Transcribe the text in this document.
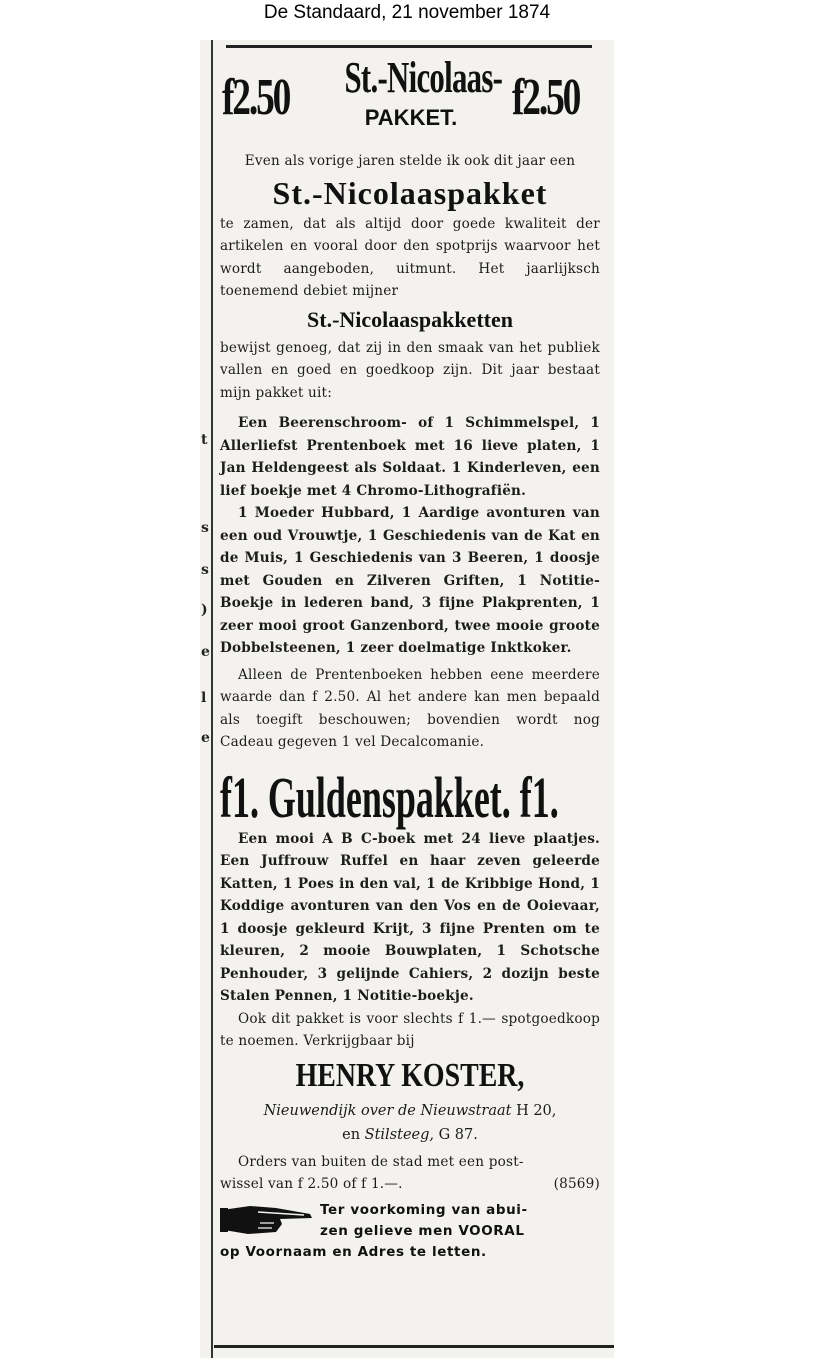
De Standaard, 21 november 1874
t
s
s
)
e
l
e
f2.50 St.-Nicolaas-
PAKKET.	f2.50

Even als vorige jaren stelde ik ook dit jaar een

St.-Nicolaaspakket

te zamen, dat als altijd door goede kwaliteit der artikelen en vooral door den spotprijs waarvoor het wordt aangeboden, uitmunt. Het jaarlijksch toenemend debiet mijner

St.-Nicolaaspakketten

bewijst genoeg, dat zij in den smaak van het publiek vallen en goed en goedkoop zijn. Dit jaar bestaat mijn pakket uit:

Een Beerenschroom- of 1 Schimmelspel, 1 Allerliefst Prentenboek met 16 lieve platen, 1 Jan Heldengeest als Soldaat. 1 Kinderleven, een lief boekje met 4 Chromo-Lithografiën.

1 Moeder Hubbard, 1 Aardige avonturen van een oud Vrouwtje, 1 Geschiedenis van de Kat en de Muis, 1 Geschiedenis van 3 Beeren, 1 doosje met Gouden en Zilveren Griften, 1 Notitie-Boekje in lederen band, 3 fijne Plakprenten, 1 zeer mooi groot Ganzenbord, twee mooie groote Dobbelsteenen, 1 zeer doelmatige Inktkoker.

Alleen de Prentenboeken hebben eene meerdere waarde dan f 2.50. Al het andere kan men bepaald als toegift beschouwen; bovendien wordt nog Cadeau gegeven 1 vel Decalcomanie.

f1. Guldenspakket. f1.

Een mooi A B C-boek met 24 lieve plaatjes. Een Juffrouw Ruffel en haar zeven geleerde Katten, 1 Poes in den val, 1 de Kribbige Hond, 1 Koddige avonturen van den Vos en de Ooievaar, 1 doosje gekleurd Krijt, 3 fijne Prenten om te kleuren, 2 mooie Bouwplaten, 1 Schotsche Penhouder, 3 gelijnde Cahiers, 2 dozijn beste Stalen Pennen, 1 Notitie-boekje.

Ook dit pakket is voor slechts f 1.— spotgoedkoop te noemen. Verkrijgbaar bij

HENRY KOSTER,

Nieuwendijk over de Nieuwstraat H 20,

en Stilsteeg, G 87.

Orders van buiten de stad met een post-

wissel van f 2.50 of f 1.—.	(8569)
Ter voorkoming van abui-
zen gelieve men VOORAL
op Voornaam en Adres te letten.
